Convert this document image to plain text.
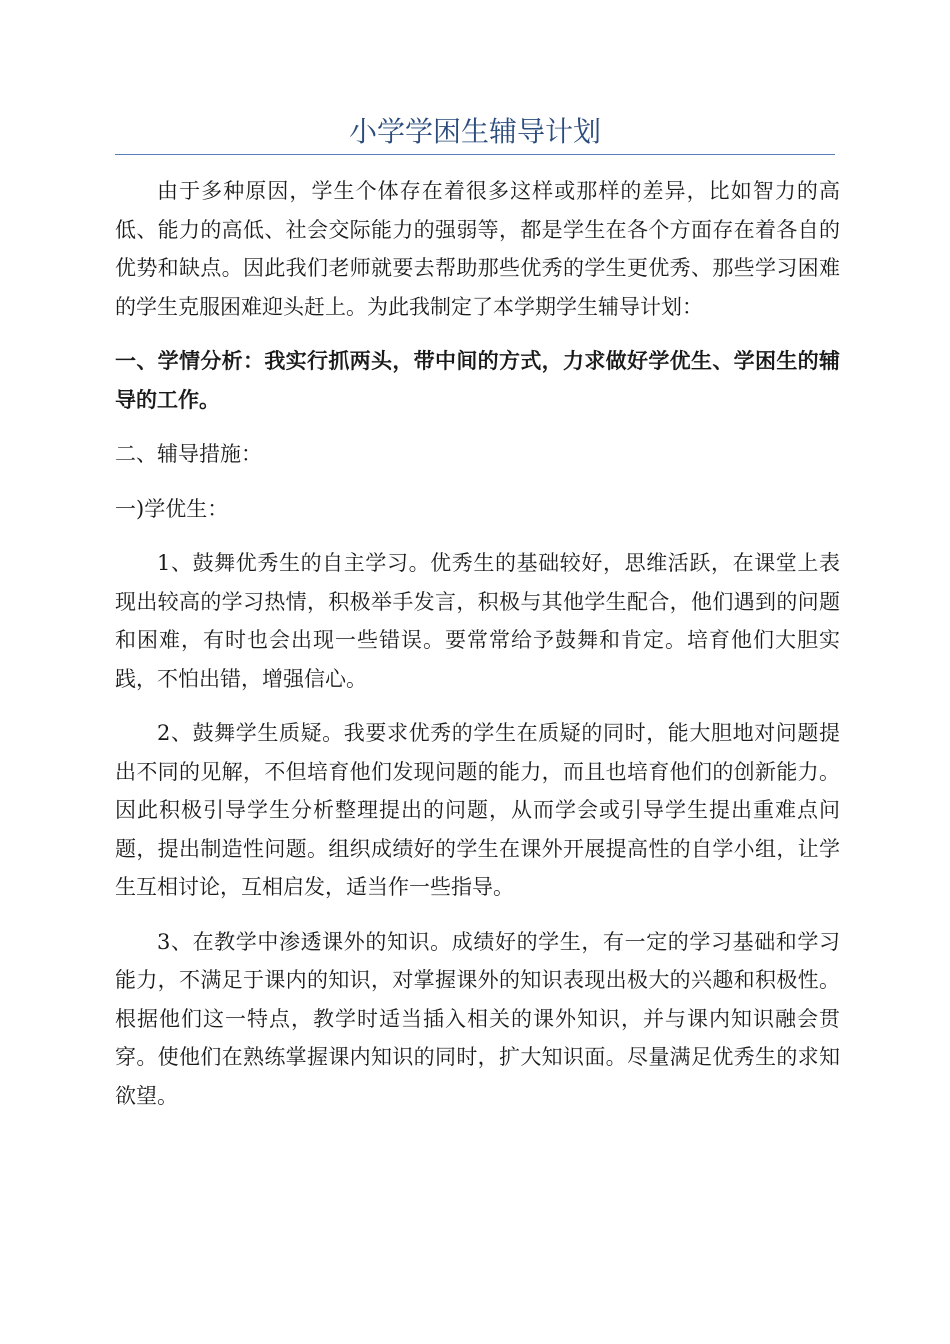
小学学困生辅导计划

由于多种原因，学生个体存在着很多这样或那样的差异，比如智力的高低、能力的高低、社会交际能力的强弱等，都是学生在各个方面存在着各自的优势和缺点。因此我们老师就要去帮助那些优秀的学生更优秀、那些学习困难的学生克服困难迎头赶上。为此我制定了本学期学生辅导计划：

一、学情分析：我实行抓两头，带中间的方式，力求做好学优生、学困生的辅导的工作。

二、辅导措施：

一)学优生：

1、鼓舞优秀生的自主学习。优秀生的基础较好，思维活跃，在课堂上表现出较高的学习热情，积极举手发言，积极与其他学生配合，他们遇到的问题和困难，有时也会出现一些错误。要常常给予鼓舞和肯定。培育他们大胆实践，不怕出错，增强信心。

2、鼓舞学生质疑。我要求优秀的学生在质疑的同时，能大胆地对问题提出不同的见解，不但培育他们发现问题的能力，而且也培育他们的创新能力。因此积极引导学生分析整理提出的问题，从而学会或引导学生提出重难点问题，提出制造性问题。组织成绩好的学生在课外开展提高性的自学小组，让学生互相讨论，互相启发，适当作一些指导。

3、在教学中渗透课外的知识。成绩好的学生，有一定的学习基础和学习能力，不满足于课内的知识，对掌握课外的知识表现出极大的兴趣和积极性。根据他们这一特点，教学时适当插入相关的课外知识，并与课内知识融会贯穿。使他们在熟练掌握课内知识的同时，扩大知识面。尽量满足优秀生的求知欲望。
